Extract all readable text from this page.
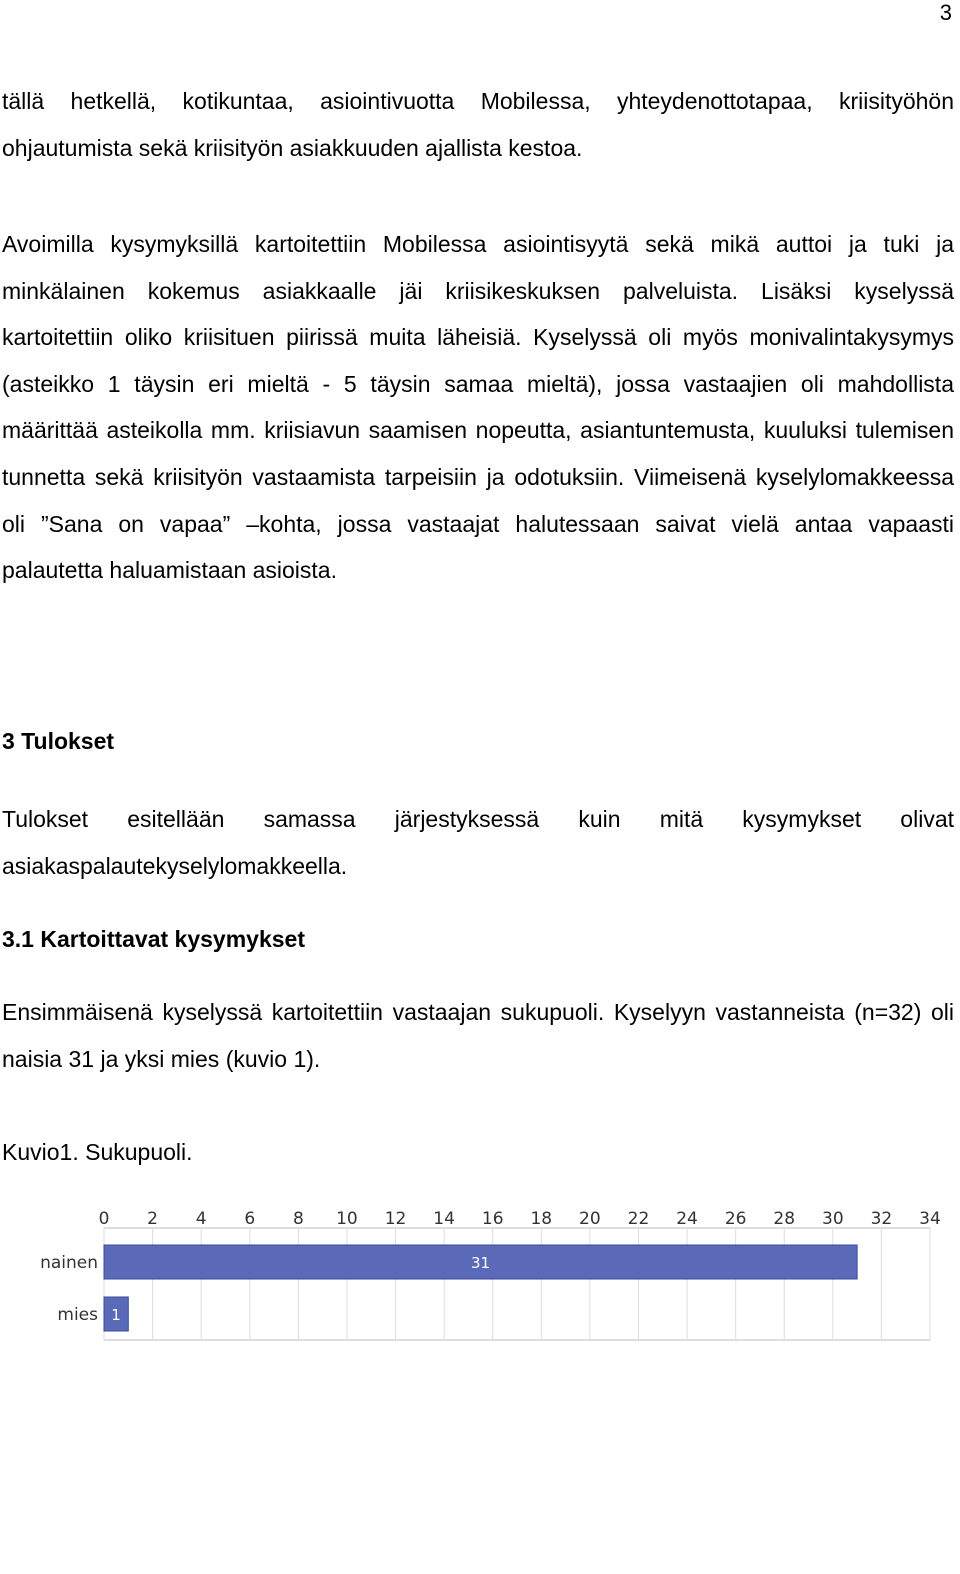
3

tällä hetkellä, kotikuntaa, asiointivuotta Mobilessa, yhteydenottotapaa, kriisityöhön ohjautumista sekä kriisityön asiakkuuden ajallista kestoa.

Avoimilla kysymyksillä kartoitettiin Mobilessa asiointisyytä sekä mikä auttoi ja tuki ja minkälainen kokemus asiakkaalle jäi kriisikeskuksen palveluista. Lisäksi kyselyssä kartoitettiin oliko kriisituen piirissä muita läheisiä. Kyselyssä oli myös monivalintakysymys (asteikko 1 täysin eri mieltä - 5 täysin samaa mieltä), jossa vastaajien oli mahdollista määrittää asteikolla mm. kriisiavun saamisen nopeutta, asiantuntemusta, kuuluksi tulemisen tunnetta sekä kriisityön vastaamista tarpeisiin ja odotuksiin. Viimeisenä kyselylomakkeessa oli ”Sana on vapaa” –kohta, jossa vastaajat halutessaan saivat vielä antaa vapaasti palautetta haluamistaan asioista.

3 Tulokset

Tulokset esitellään samassa järjestyksessä kuin mitä kysymykset olivat asiakaspalautekyselylomakkeella.

3.1 Kartoittavat kysymykset

Ensimmäisenä kyselyssä kartoitettiin vastaajan sukupuoli. Kyselyyn vastanneista (n=32) oli naisia 31 ja yksi mies (kuvio 1).

Kuvio1. Sukupuoli.

0 2 4 6 8 10 12 14 16 18 20 22 24 26 28 30 32 34
nainen
mies
31
1
